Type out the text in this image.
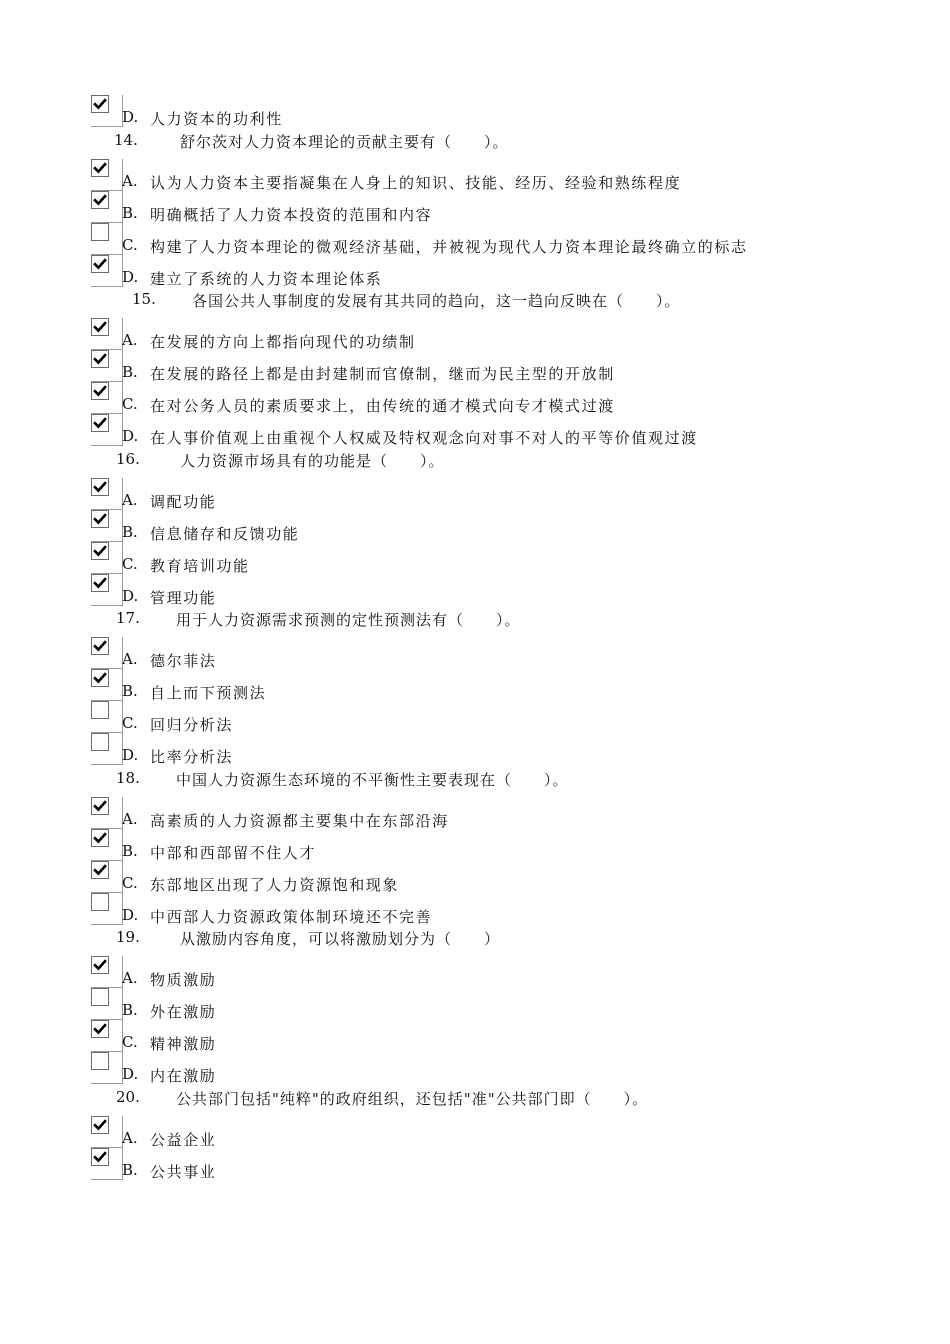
D. 人力资本的功利性
14.	舒尔茨对人力资本理论的贡献主要有（　　）。
A. 认为人力资本主要指凝集在人身上的知识、技能、经历、经验和熟练程度
B. 明确概括了人力资本投资的范围和内容
C. 构建了人力资本理论的微观经济基础，并被视为现代人力资本理论最终确立的标志
D. 建立了系统的人力资本理论体系
15. 各国公共人事制度的发展有其共同的趋向，这一趋向反映在（　　）。
A. 在发展的方向上都指向现代的功绩制
B. 在发展的路径上都是由封建制而官僚制，继而为民主型的开放制
C. 在对公务人员的素质要求上，由传统的通才模式向专才模式过渡
D. 在人事价值观上由重视个人权威及特权观念向对事不对人的平等价值观过渡
16.	人力资源市场具有的功能是（　　）。
A. 调配功能
B. 信息储存和反馈功能
C. 教育培训功能
D. 管理功能
17. 用于人力资源需求预测的定性预测法有（　　）。
A. 德尔菲法
B. 自上而下预测法
C. 回归分析法
D. 比率分析法
18. 中国人力资源生态环境的不平衡性主要表现在（　　）。
A. 高素质的人力资源都主要集中在东部沿海
B. 中部和西部留不住人才
C. 东部地区出现了人力资源饱和现象
D. 中西部人力资源政策体制环境还不完善
19.	从激励内容角度，可以将激励划分为（　　）
A. 物质激励
B. 外在激励
C. 精神激励
D. 内在激励
20. 公共部门包括"纯粹"的政府组织，还包括"准"公共部门即（　　）。
A. 公益企业
B. 公共事业
